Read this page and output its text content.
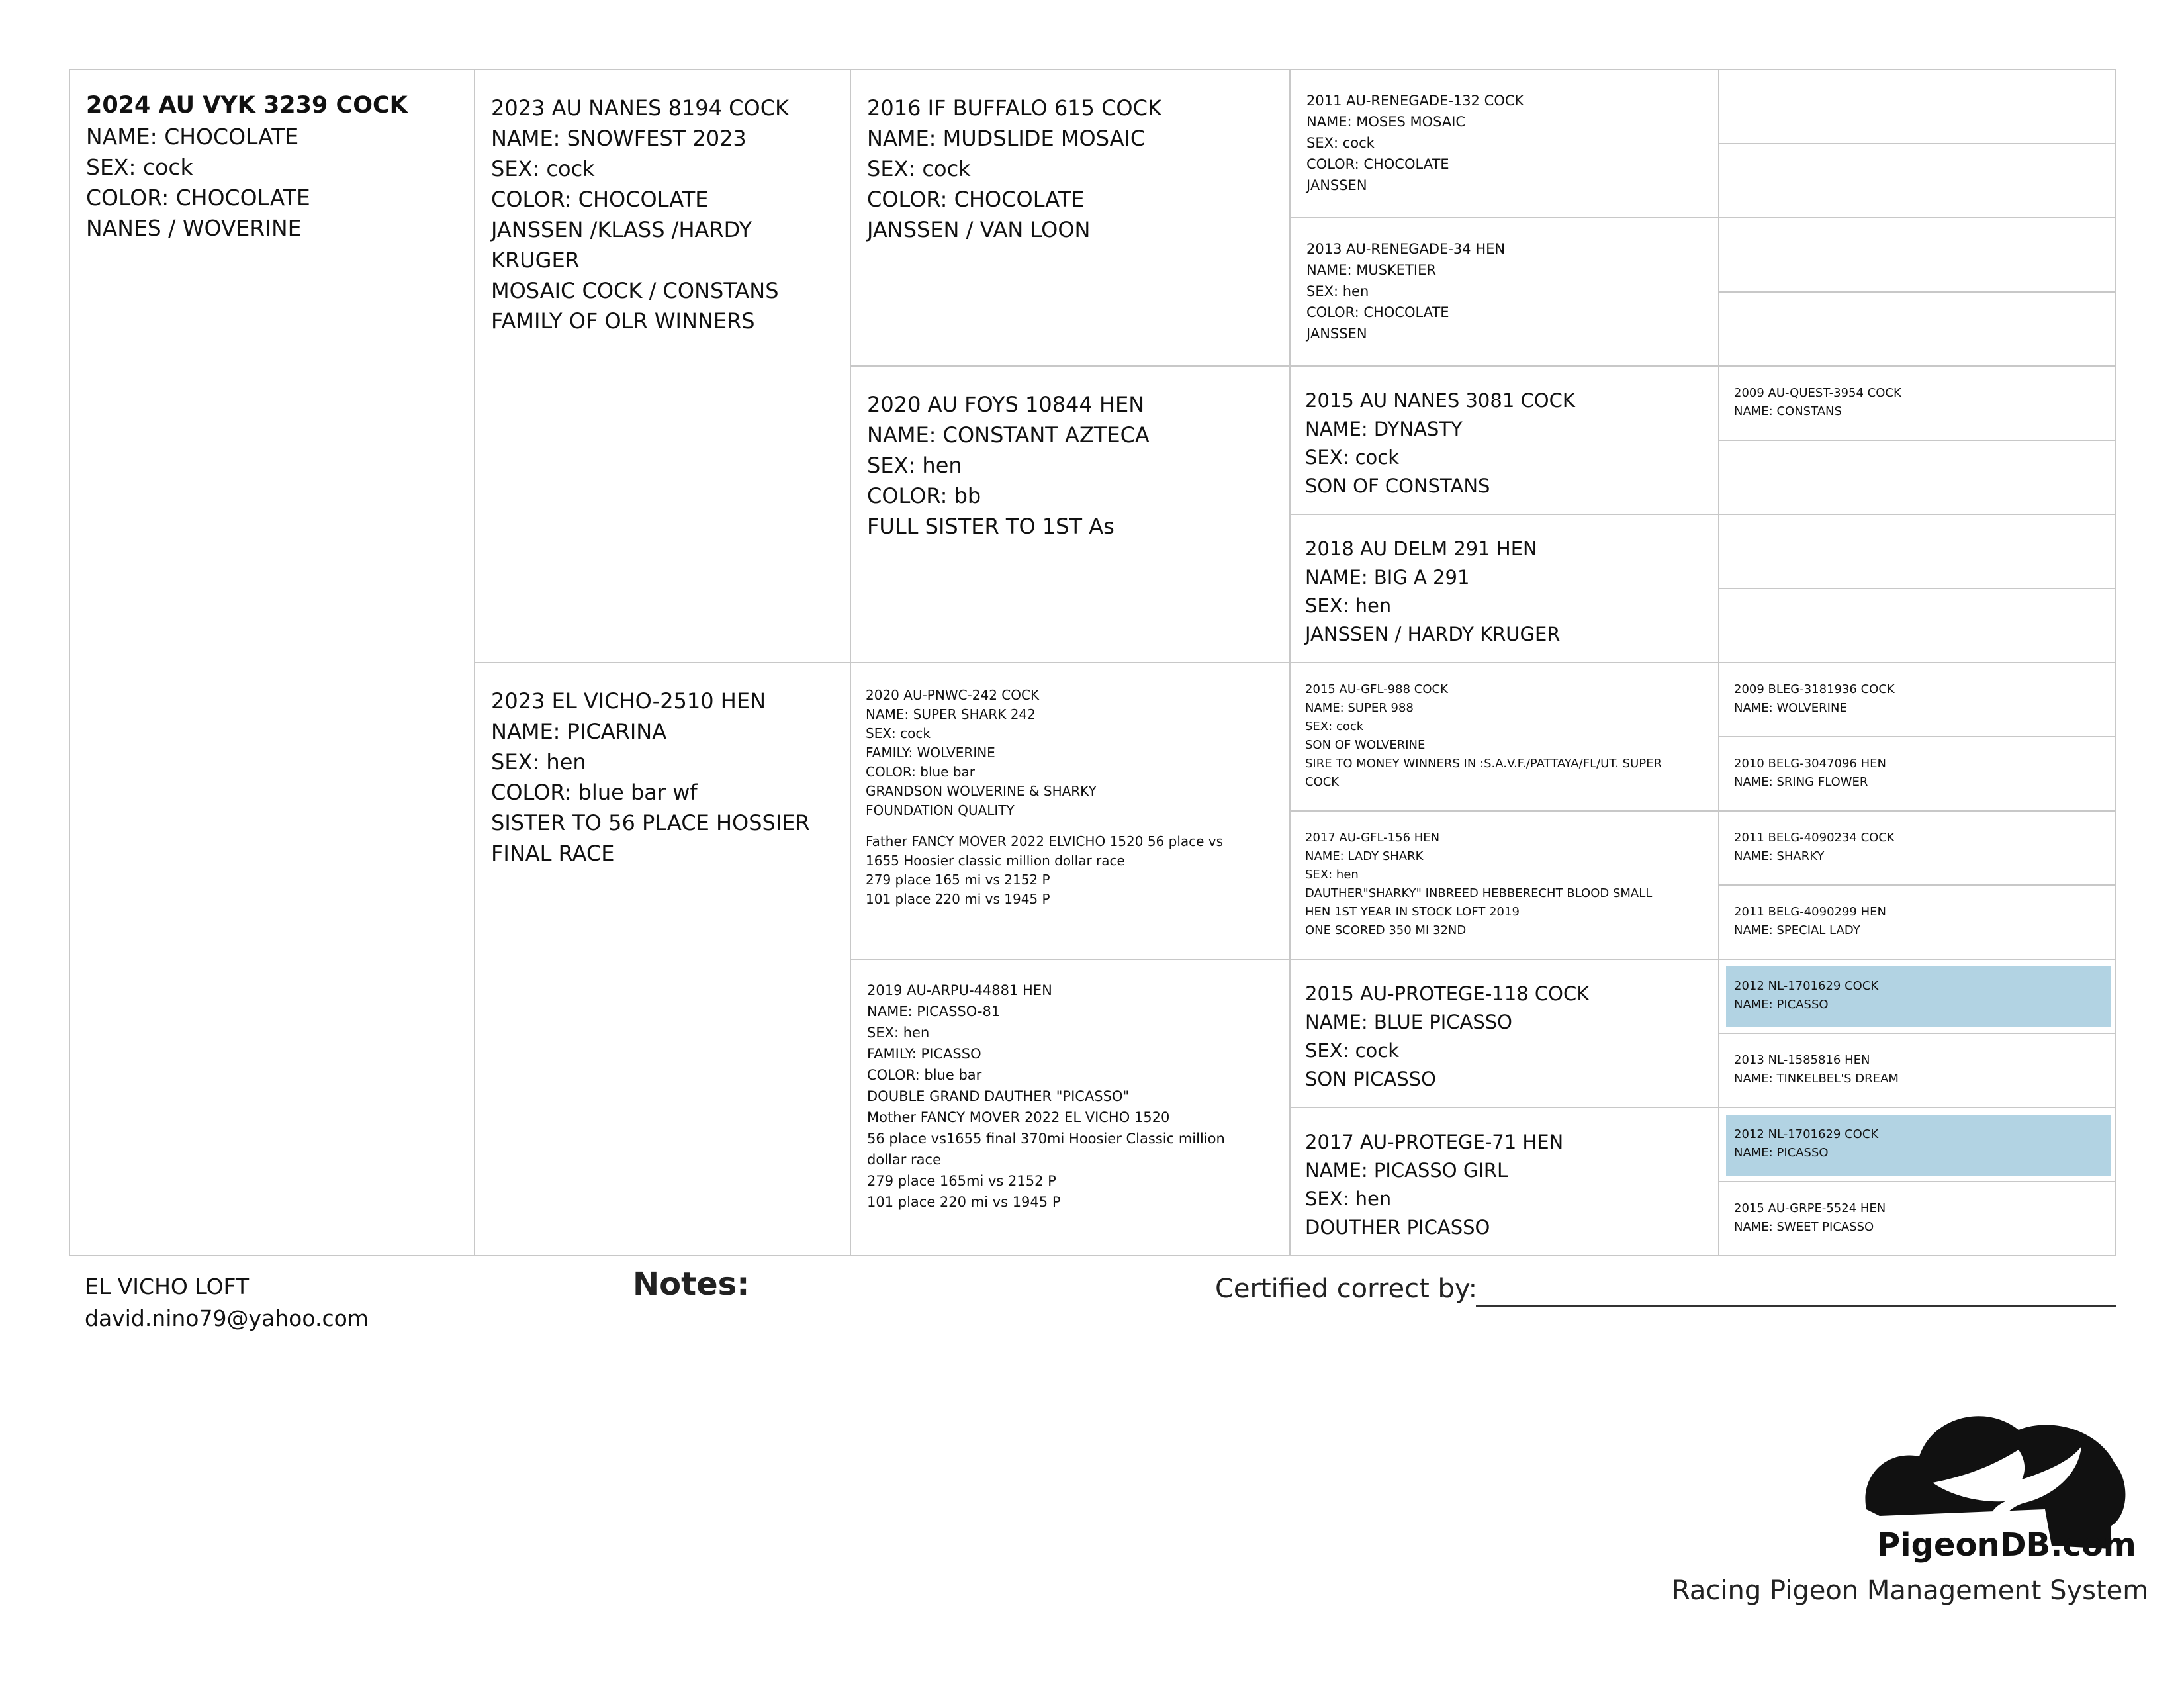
2024 AU VYK 3239 COCK
NAME: CHOCOLATE
SEX: cock
COLOR: CHOCOLATE
NANES / WOVERINE
2023 AU NANES 8194 COCK
NAME: SNOWFEST 2023
SEX: cock
COLOR: CHOCOLATE
JANSSEN /KLASS /HARDY
KRUGER
MOSAIC COCK / CONSTANS
FAMILY OF OLR WINNERS
2023 EL VICHO-2510 HEN
NAME: PICARINA
SEX: hen
COLOR: blue bar wf
SISTER TO 56 PLACE HOSSIER
FINAL RACE
2016 IF BUFFALO 615 COCK
NAME: MUDSLIDE MOSAIC
SEX: cock
COLOR: CHOCOLATE
JANSSEN / VAN LOON
2020 AU FOYS 10844 HEN
NAME: CONSTANT AZTECA
SEX: hen
COLOR: bb
FULL SISTER TO 1ST As
2020 AU-PNWC-242 COCK
NAME: SUPER SHARK 242
SEX: cock
FAMILY: WOLVERINE
COLOR: blue bar
GRANDSON WOLVERINE & SHARKY
FOUNDATION QUALITY
Father FANCY MOVER 2022 ELVICHO 1520 56 place vs
1655 Hoosier classic million dollar race
279 place 165 mi vs 2152 P
101 place 220 mi vs 1945 P
2019 AU-ARPU-44881 HEN
NAME: PICASSO-81
SEX: hen
FAMILY: PICASSO
COLOR: blue bar
DOUBLE GRAND DAUTHER "PICASSO"
Mother FANCY MOVER 2022 EL VICHO 1520
56 place vs1655 final 370mi Hoosier Classic million
dollar race
279 place 165mi vs 2152 P
101 place 220 mi vs 1945 P
2011 AU-RENEGADE-132 COCK
NAME: MOSES MOSAIC
SEX: cock
COLOR: CHOCOLATE
JANSSEN
2013 AU-RENEGADE-34 HEN
NAME: MUSKETIER
SEX: hen
COLOR: CHOCOLATE
JANSSEN
2015 AU NANES 3081 COCK
NAME: DYNASTY
SEX: cock
SON OF CONSTANS
2018 AU DELM 291 HEN
NAME: BIG A 291
SEX: hen
JANSSEN / HARDY KRUGER
2015 AU-GFL-988 COCK
NAME: SUPER 988
SEX: cock
SON OF WOLVERINE
SIRE TO MONEY WINNERS IN :S.A.V.F./PATTAYA/FL/UT. SUPER
COCK
2017 AU-GFL-156 HEN
NAME: LADY SHARK
SEX: hen
DAUTHER"SHARKY" INBREED HEBBERECHT BLOOD SMALL
HEN 1ST YEAR IN STOCK LOFT 2019
ONE SCORED 350 MI 32ND
2015 AU-PROTEGE-118 COCK
NAME: BLUE PICASSO
SEX: cock
SON PICASSO
2017 AU-PROTEGE-71 HEN
NAME: PICASSO GIRL
SEX: hen
DOUTHER PICASSO
2009 AU-QUEST-3954 COCK
NAME: CONSTANS
2009 BLEG-3181936 COCK
NAME: WOLVERINE
2010 BELG-3047096 HEN
NAME: SRING FLOWER
2011 BELG-4090234 COCK
NAME: SHARKY
2011 BELG-4090299 HEN
NAME: SPECIAL LADY
2012 NL-1701629 COCK
NAME: PICASSO
2013 NL-1585816 HEN
NAME: TINKELBEL'S DREAM
2012 NL-1701629 COCK
NAME: PICASSO
2015 AU-GRPE-5524 HEN
NAME: SWEET PICASSO
EL VICHO LOFT
david.nino79@yahoo.com
Notes:	Certified correct by:
PigeonDB.com
Racing Pigeon Management System
